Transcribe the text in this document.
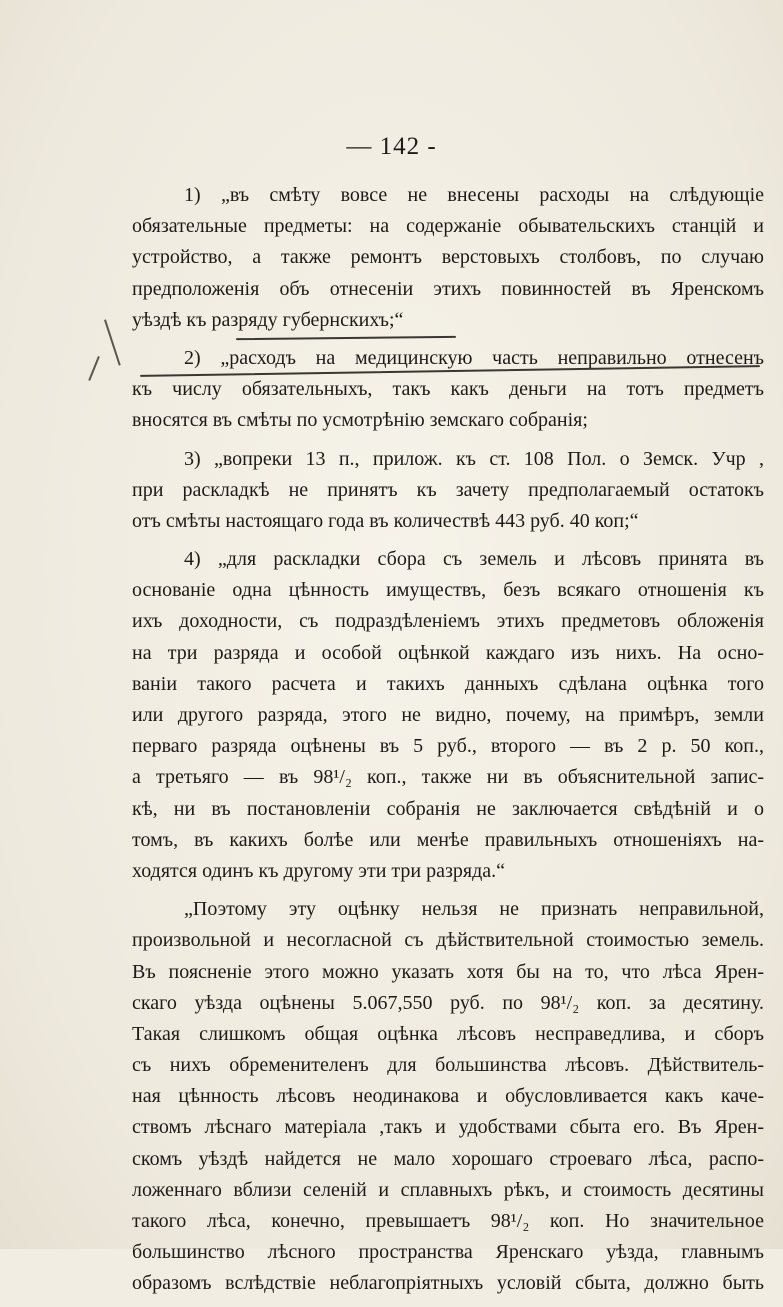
— 142 -
1) „въ смѣту вовсе не внесены расходы на слѣдующіе
обязательные предметы: на содержаніе обывательскихъ станцій и
устройство, а также ремонтъ верстовыхъ столбовъ, по случаю
предположенія объ отнесеніи этихъ повинностей въ Яренскомъ
уѣздѣ къ разряду губернскихъ;“
2) „расходъ на медицинскую часть неправильно отнесенъ
къ числу обязательныхъ, такъ какъ деньги на тотъ предметъ
вносятся въ смѣты по усмотрѣнію земскаго собранія;
3) „вопреки 13 п., прилож. къ ст. 108 Пол. о Земск. Учр ,
при раскладкѣ не принятъ къ зачету предполагаемый остатокъ
отъ смѣты настоящаго года въ количествѣ 443 руб. 40 коп;“
4) „для раскладки сбора съ земель и лѣсовъ принята въ
основаніе одна цѣнность имуществъ, безъ всякаго отношенія къ
ихъ доходности, съ подраздѣленіемъ этихъ предметовъ обложенія
на три разряда и особой оцѣнкой каждаго изъ нихъ. На осно-
ваніи такого расчета и такихъ данныхъ сдѣлана оцѣнка того
или другого разряда, этого не видно, почему, на примѣръ, земли
перваго разряда оцѣнены въ 5 руб., второго — въ 2 р. 50 коп.,
а третьяго — въ 98¹/₂ коп., также ни въ объяснительной запис-
кѣ, ни въ постановленіи собранія не заключается свѣдѣній и о
томъ, въ какихъ болѣе или менѣе правильныхъ отношеніяхъ на-
ходятся одинъ къ другому эти три разряда.“
„Поэтому эту оцѣнку нельзя не признать неправильной,
произвольной и несогласной съ дѣйствительной стоимостью земель.
Въ поясненіе этого можно указать хотя бы на то, что лѣса Ярен-
скаго уѣзда оцѣнены 5.067,550 руб. по 98¹/₂ коп. за десятину.
Такая слишкомъ общая оцѣнка лѣсовъ несправедлива, и сборъ
съ нихъ обременителенъ для большинства лѣсовъ. Дѣйствитель-
ная цѣнность лѣсовъ неодинакова и обусловливается какъ каче-
ствомъ лѣснаго матеріала ,такъ и удобствами сбыта его. Въ Ярен-
скомъ уѣздѣ найдется не мало хорошаго строеваго лѣса, распо-
ложеннаго вблизи селеній и сплавныхъ рѣкъ, и стоимость десятины
такого лѣса, конечно, превышаетъ 98¹/₂ коп. Но значительное
большинство лѣсного пространства Яренскаго уѣзда, главнымъ
образомъ вслѣдствіе неблагопріятныхъ условій сбыта, должно быть
